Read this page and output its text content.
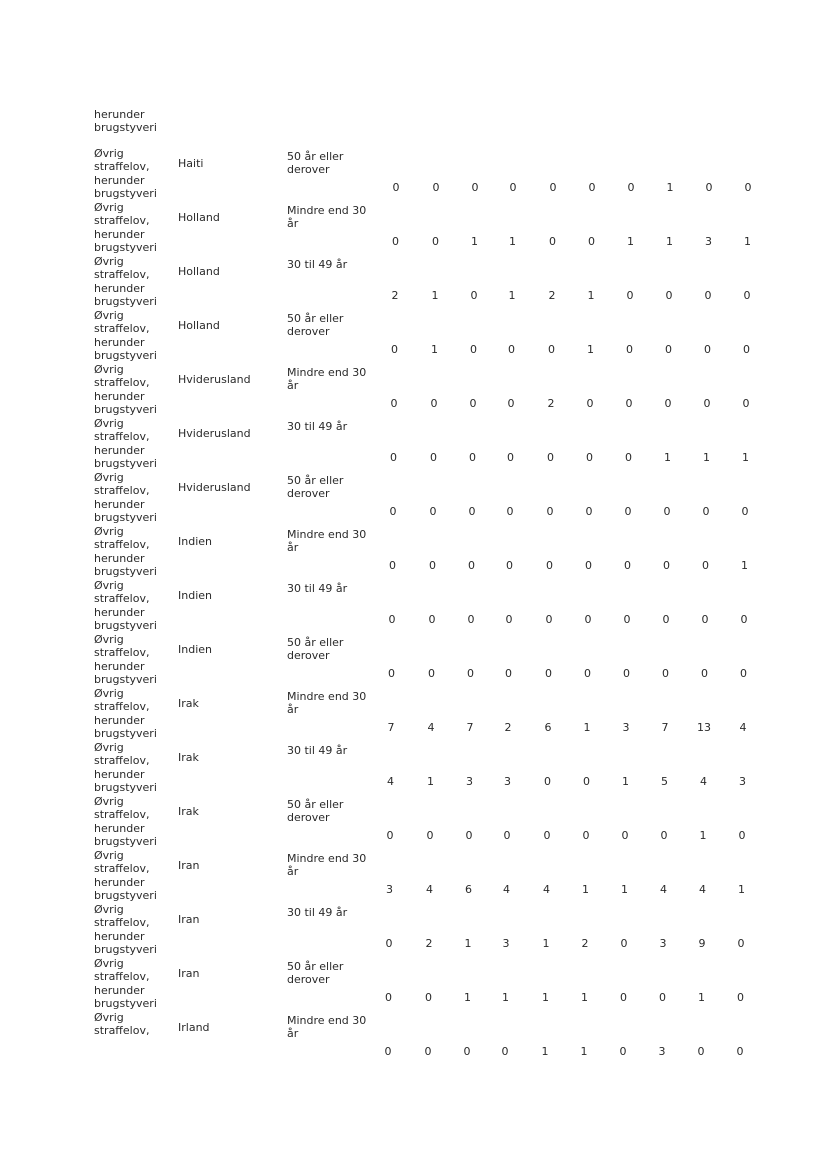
herunder brugstyveri
Øvrig straffelov, herunder brugstyveri
Haiti
50 år eller derover
0	0	0	0	0	0	0	1	0	0
Øvrig straffelov, herunder brugstyveri
Holland
Mindre end 30 år
0	0	1	1	0	0	1	1	3	1
Øvrig straffelov, herunder brugstyveri
Holland
30 til 49 år
2	1	0	1	2	1	0	0	0	0
Øvrig straffelov, herunder brugstyveri
Holland
50 år eller derover
0	1	0	0	0	1	0	0	0	0
Øvrig straffelov, herunder brugstyveri
Hviderusland
Mindre end 30 år
0	0	0	0	2	0	0	0	0	0
Øvrig straffelov, herunder brugstyveri
Hviderusland
30 til 49 år
0	0	0	0	0	0	0	1	1	1
Øvrig straffelov, herunder brugstyveri
Hviderusland
50 år eller derover
0	0	0	0	0	0	0	0	0	0
Øvrig straffelov, herunder brugstyveri
Indien
Mindre end 30 år
0	0	0	0	0	0	0	0	0	1
Øvrig straffelov, herunder brugstyveri
Indien
30 til 49 år
0	0	0	0	0	0	0	0	0	0
Øvrig straffelov, herunder brugstyveri
Indien
50 år eller derover
0	0	0	0	0	0	0	0	0	0
Øvrig straffelov, herunder brugstyveri
Irak
Mindre end 30 år
7	4	7	2	6	1	3	7	13	4
Øvrig straffelov, herunder brugstyveri
Irak
30 til 49 år
4	1	3	3	0	0	1	5	4	3
Øvrig straffelov, herunder brugstyveri
Irak
50 år eller derover
0	0	0	0	0	0	0	0	1	0
Øvrig straffelov, herunder brugstyveri
Iran
Mindre end 30 år
3	4	6	4	4	1	1	4	4	1
Øvrig straffelov, herunder brugstyveri
Iran
30 til 49 år
0	2	1	3	1	2	0	3	9	0
Øvrig straffelov, herunder brugstyveri
Iran
50 år eller derover
0	0	1	1	1	1	0	0	1	0
Øvrig straffelov,	Irland
Mindre end 30 år
0	0	0	0	1	1	0	3	0	0
